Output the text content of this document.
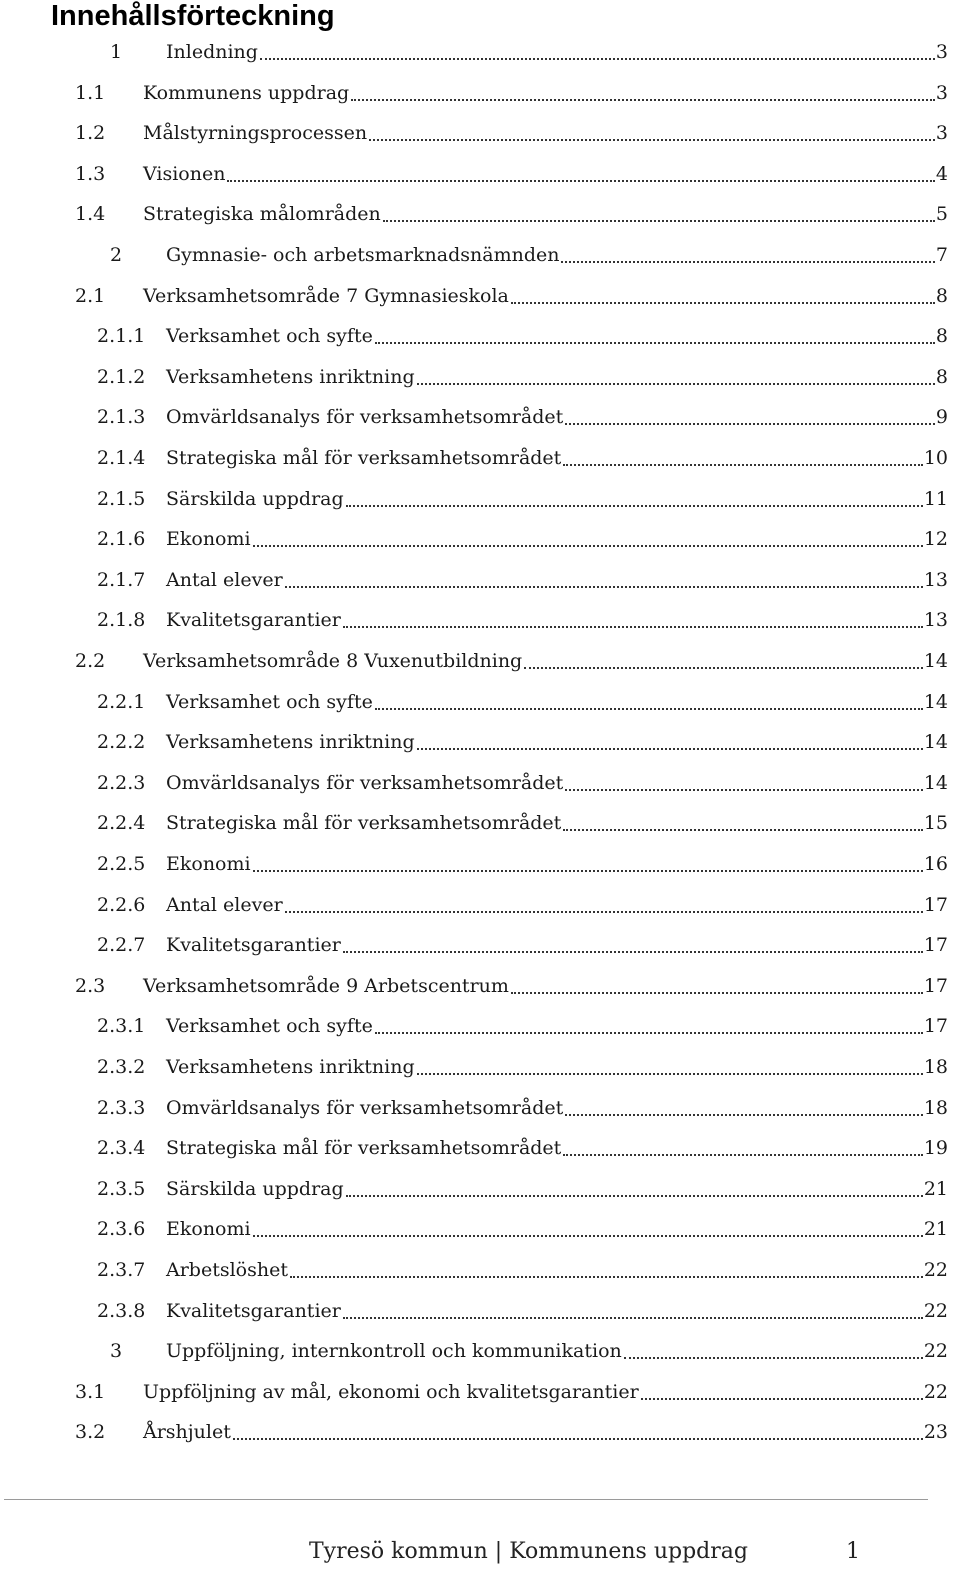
Innehållsförteckning
1	Inledning	3
1.1	Kommunens uppdrag	3
1.2	Målstyrningsprocessen	3
1.3	Visionen	4
1.4	Strategiska målområden	5
2	Gymnasie- och arbetsmarknadsnämnden	7
2.1	Verksamhetsområde 7 Gymnasieskola	8
2.1.1	Verksamhet och syfte	8
2.1.2	Verksamhetens inriktning	8
2.1.3	Omvärldsanalys för verksamhetsområdet	9
2.1.4	Strategiska mål för verksamhetsområdet	10
2.1.5	Särskilda uppdrag	11
2.1.6	Ekonomi	12
2.1.7	Antal elever	13
2.1.8	Kvalitetsgarantier	13
2.2	Verksamhetsområde 8 Vuxenutbildning	14
2.2.1	Verksamhet och syfte	14
2.2.2	Verksamhetens inriktning	14
2.2.3	Omvärldsanalys för verksamhetsområdet	14
2.2.4	Strategiska mål för verksamhetsområdet	15
2.2.5	Ekonomi	16
2.2.6	Antal elever	17
2.2.7	Kvalitetsgarantier	17
2.3	Verksamhetsområde 9 Arbetscentrum	17
2.3.1	Verksamhet och syfte	17
2.3.2	Verksamhetens inriktning	18
2.3.3	Omvärldsanalys för verksamhetsområdet	18
2.3.4	Strategiska mål för verksamhetsområdet	19
2.3.5	Särskilda uppdrag	21
2.3.6	Ekonomi	21
2.3.7	Arbetslöshet	22
2.3.8	Kvalitetsgarantier	22
3	Uppföljning, internkontroll och kommunikation	22
3.1	Uppföljning av mål, ekonomi och kvalitetsgarantier	22
3.2	Årshjulet	23
Tyresö kommun | Kommunens uppdrag	1
